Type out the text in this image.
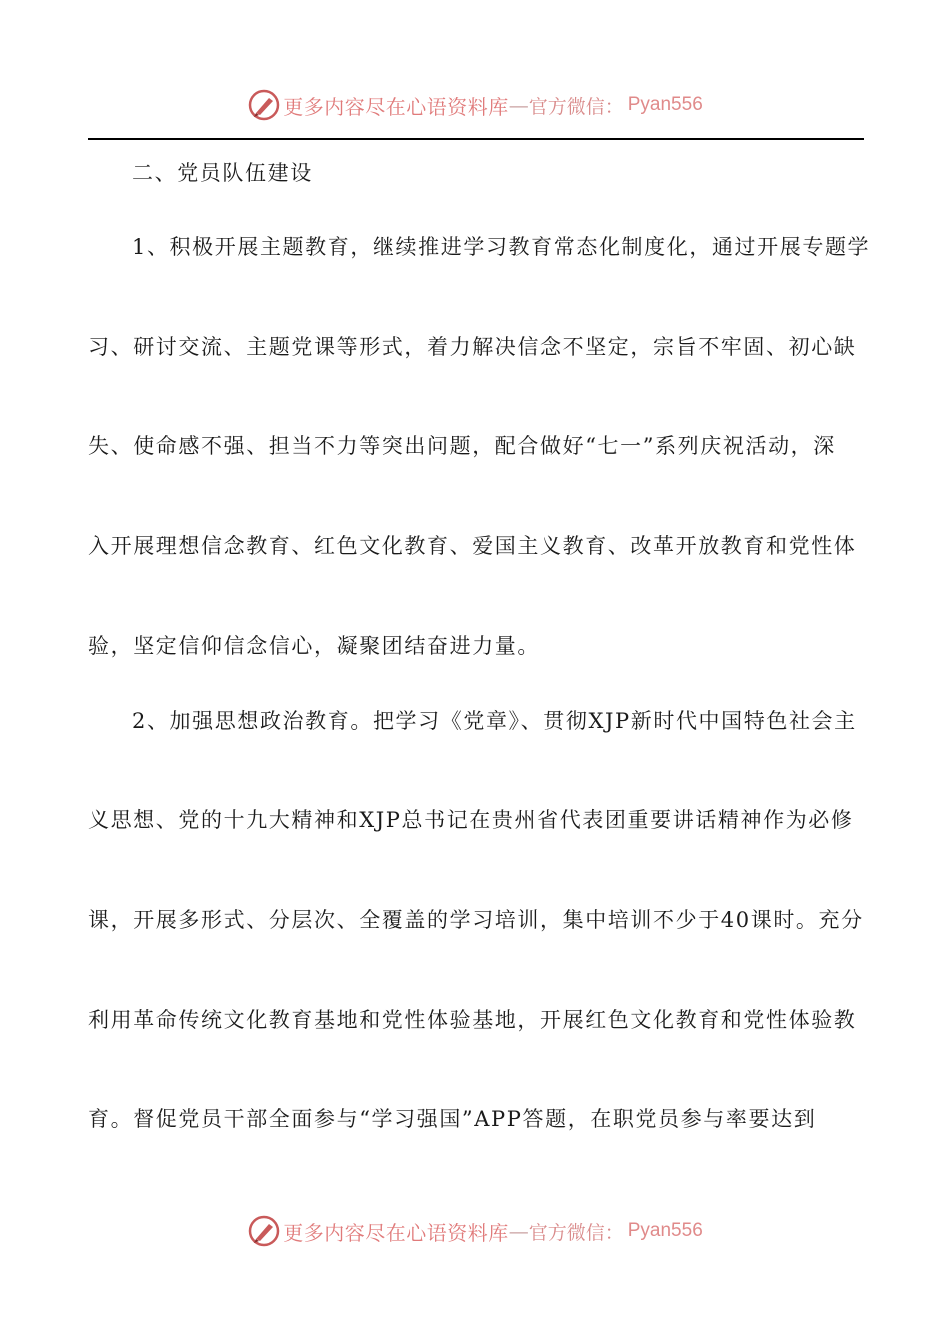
更多内容尽在心语资料库 — 官方微信： Pyan556
二、党员队伍建设
1、积极开展主题教育，继续推进学习教育常态化制度化，通过开展专题学
习、研讨交流、主题党课等形式，着力解决信念不坚定，宗旨不牢固、初心缺
失、使命感不强、担当不力等突出问题，配合做好“七一”系列庆祝活动，深
入开展理想信念教育、红色文化教育、爱国主义教育、改革开放教育和党性体
验，坚定信仰信念信心，凝聚团结奋进力量。
2、加强思想政治教育。把学习《党章》、贯彻XJP新时代中国特色社会主
义思想、党的十九大精神和XJP总书记在贵州省代表团重要讲话精神作为必修
课，开展多形式、分层次、全覆盖的学习培训，集中培训不少于40课时。充分
利用革命传统文化教育基地和党性体验基地，开展红色文化教育和党性体验教
育。督促党员干部全面参与“学习强国”APP答题，在职党员参与率要达到
更多内容尽在心语资料库 — 官方微信： Pyan556
